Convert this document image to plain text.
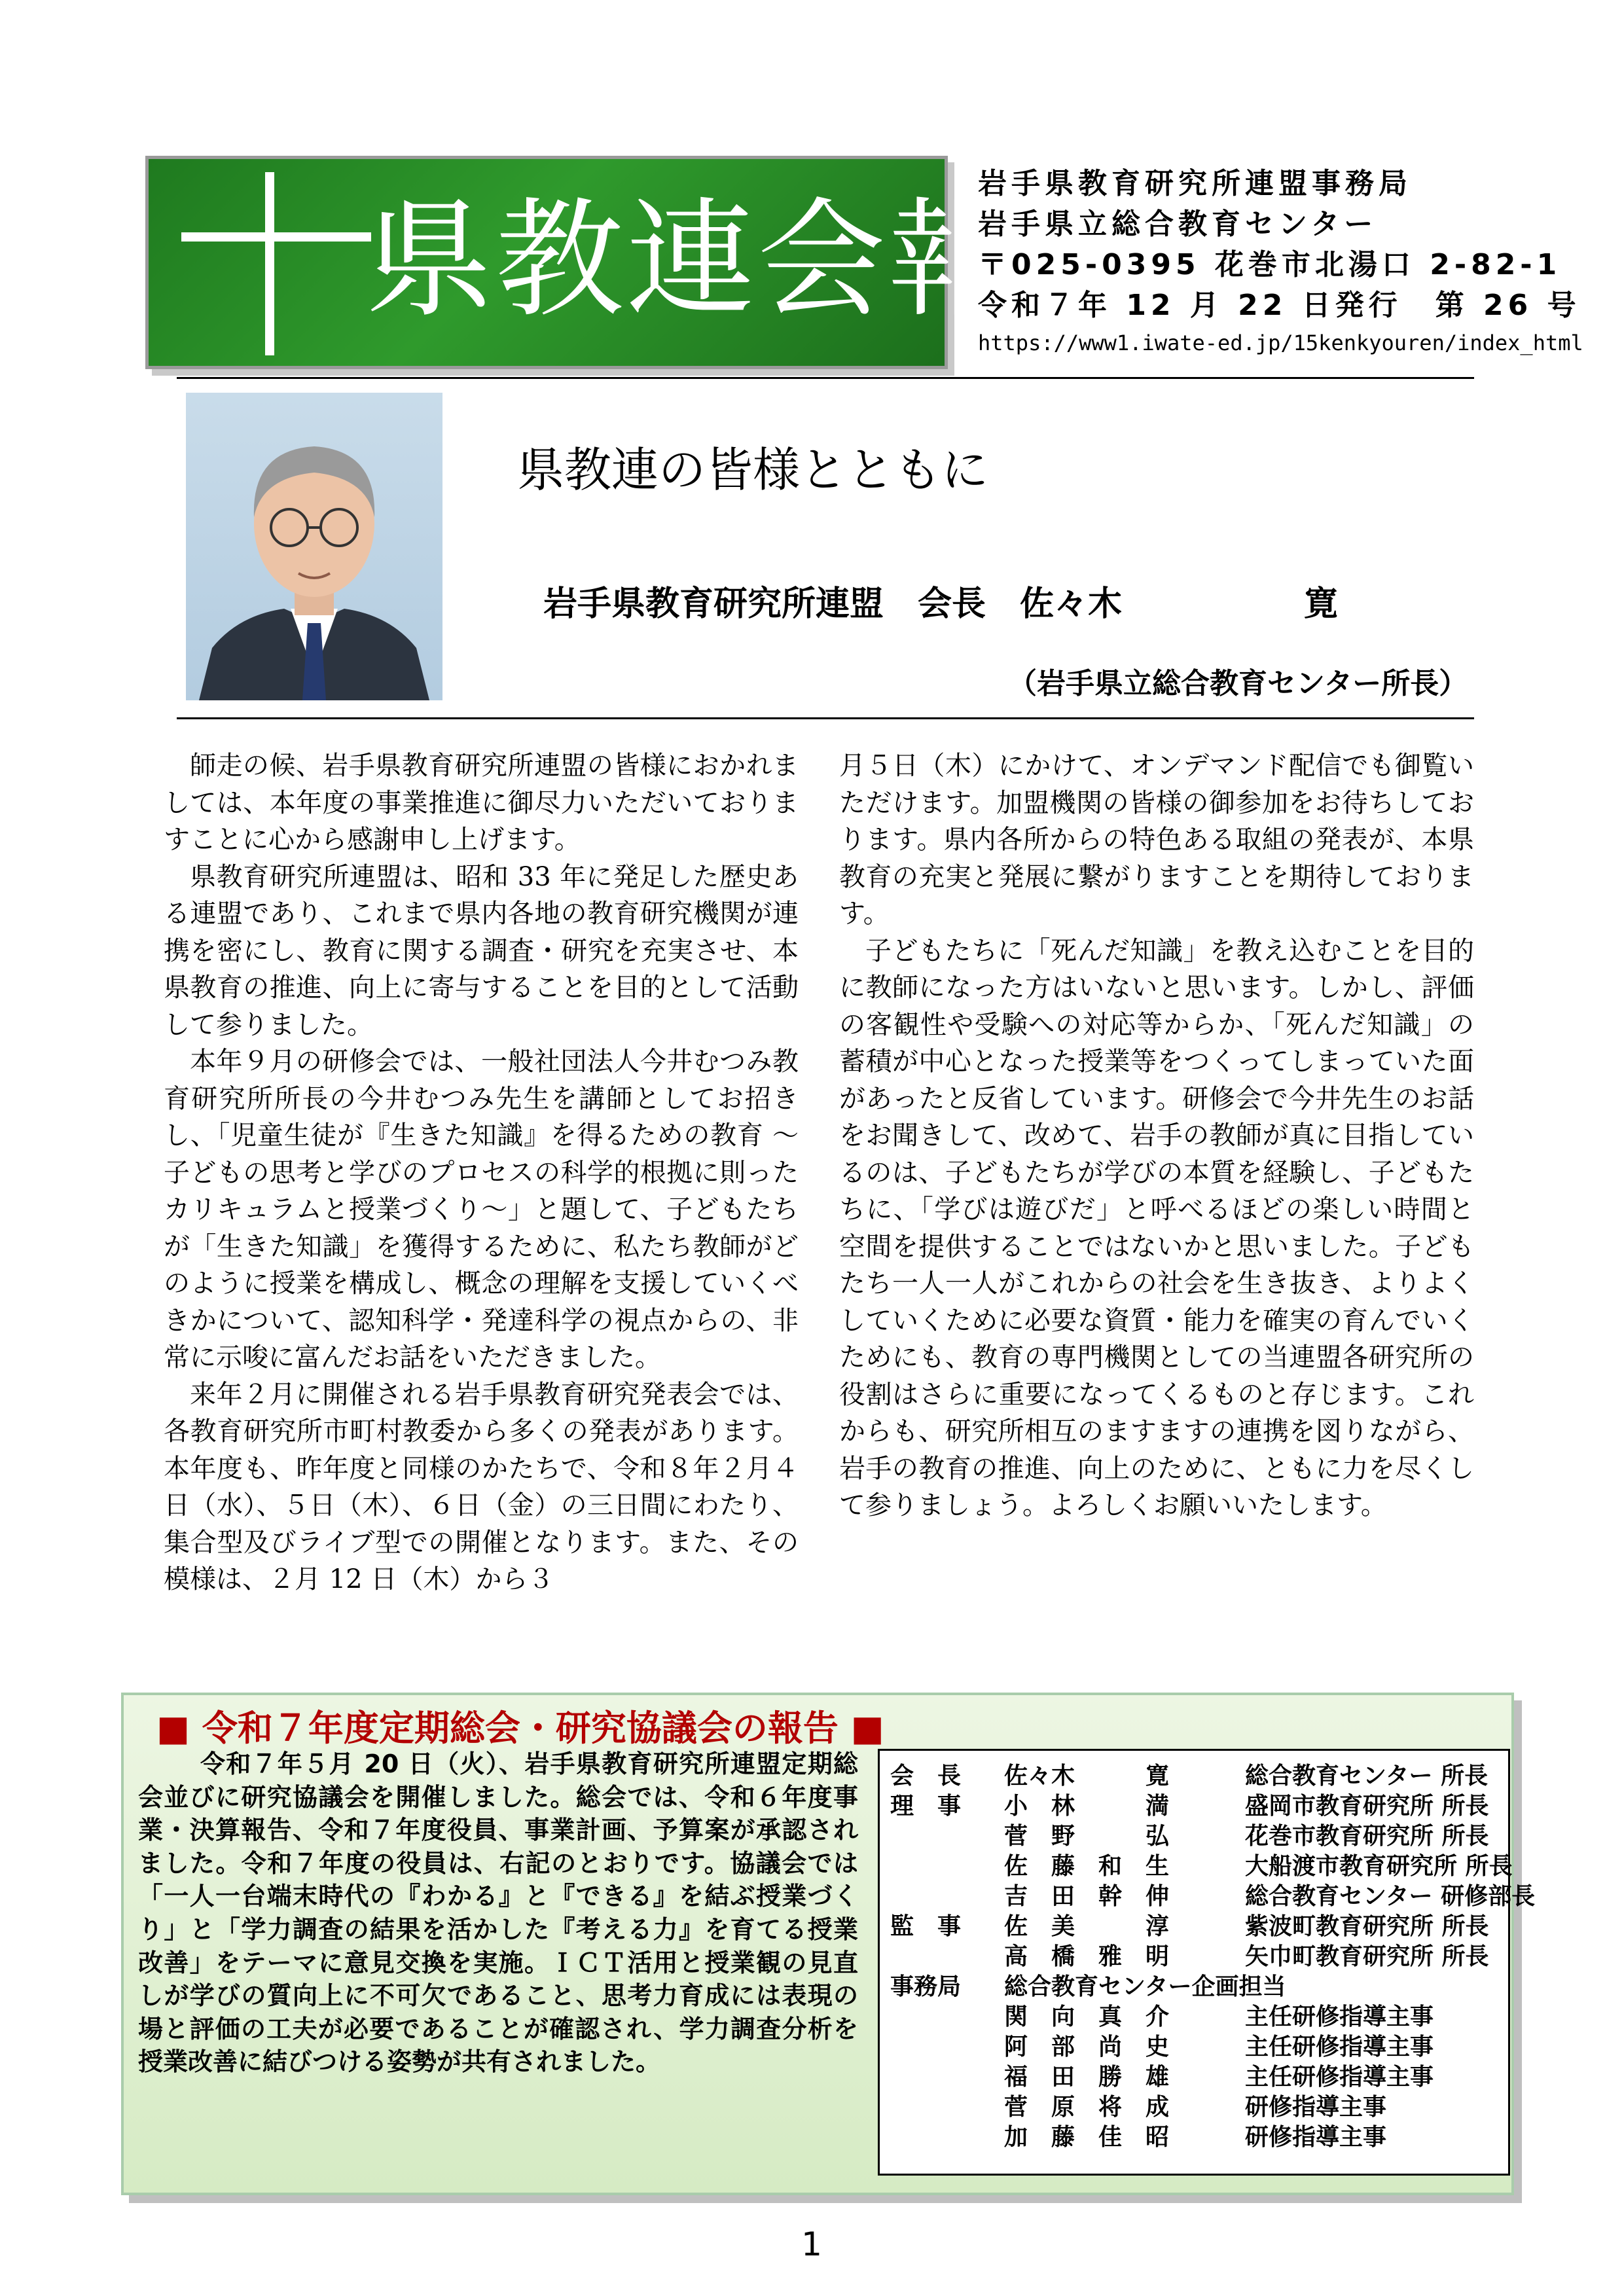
県教連会報
岩手県教育研究所連盟事務局
岩手県立総合教育センター
〒025-0395 花巻市北湯口 2-82-1
令和７年 12 月 22 日発行　第 26 号
https://www1.iwate-ed.jp/15kenkyouren/index_html
県教連の皆様とともに
岩手県教育研究所連盟　会長　佐々木	寛
（岩手県立総合教育センター所長）

師走の候、岩手県教育研究所連盟の皆様におかれましては、本年度の事業推進に御尽力いただいておりますことに心から感謝申し上げます。

県教育研究所連盟は、昭和 33 年に発足した歴史ある連盟であり、これまで県内各地の教育研究機関が連携を密にし、教育に関する調査・研究を充実させ、本県教育の推進、向上に寄与することを目的として活動して参りました。

本年９月の研修会では、一般社団法人今井むつみ教育研究所所長の今井むつみ先生を講師としてお招きし、「児童生徒が『生きた知識』を得るための教育 ～子どもの思考と学びのプロセスの科学的根拠に則ったカリキュラムと授業づくり～」と題して、子どもたちが「生きた知識」を獲得するために、私たち教師がどのように授業を構成し、概念の理解を支援していくべきかについて、認知科学・発達科学の視点からの、非常に示唆に富んだお話をいただきました。

来年２月に開催される岩手県教育研究発表会では、各教育研究所市町村教委から多くの発表があります。本年度も、昨年度と同様のかたちで、令和８年２月４日（水）、５日（木）、６日（金）の三日間にわたり、集合型及びライブ型での開催となります。また、その模様は、２月 12 日（木）から３

月５日（木）にかけて、オンデマンド配信でも御覧いただけます。加盟機関の皆様の御参加をお待ちしております。県内各所からの特色ある取組の発表が、本県教育の充実と発展に繋がりますことを期待しております。

子どもたちに「死んだ知識」を教え込むことを目的に教師になった方はいないと思います。しかし、評価の客観性や受験への対応等からか、「死んだ知識」の蓄積が中心となった授業等をつくってしまっていた面があったと反省しています。研修会で今井先生のお話をお聞きして、改めて、岩手の教師が真に目指しているのは、子どもたちが学びの本質を経験し、子どもたちに、「学びは遊びだ」と呼べるほどの楽しい時間と空間を提供することではないかと思いました。子どもたち一人一人がこれからの社会を生き抜き、よりよくしていくために必要な資質・能力を確実の育んでいくためにも、教育の専門機関としての当連盟各研究所の役割はさらに重要になってくるものと存じます。これからも、研究所相互のますますの連携を図りながら、岩手の教育の推進、向上のために、ともに力を尽くして参りましょう。よろしくお願いいたします。

■ 令和７年度定期総会・研究協議会の報告 ■

令和７年５月 20 日（火）、岩手県教育研究所連盟定期総会並びに研究協議会を開催しました。総会では、令和６年度事業・決算報告、令和７年度役員、事業計画、予算案が承認されました。令和７年度の役員は、右記のとおりです。協議会では「一人一台端末時代の『わかる』と『できる』を結ぶ授業づくり」と「学力調査の結果を活かした『考える力』を育てる授業改善」をテーマに意見交換を実施。ＩＣＴ活用と授業観の見直しが学びの質向上に不可欠であること、思考力育成には表現の場と評価の工夫が必要であることが確認され、学力調査分析を授業改善に結びつける姿勢が共有されました。

会　長 佐々木　　　寛	総合教育センター 所長
理　事 小　林　　　満	盛岡市教育研究所 所長
菅　野　　　弘	花巻市教育研究所 所長
佐　藤　和　生	大船渡市教育研究所 所長
吉　田　幹　伸	総合教育センター 研修部長
監　事 佐　美　　　淳	紫波町教育研究所 所長
高　橋　雅　明	矢巾町教育研究所 所長
事務局 総合教育センター企画担当
関　向　真　介	主任研修指導主事
阿　部　尚　史	主任研修指導主事
福　田　勝　雄	主任研修指導主事
菅　原　将　成	研修指導主事
加　藤　佳　昭	研修指導主事
1
